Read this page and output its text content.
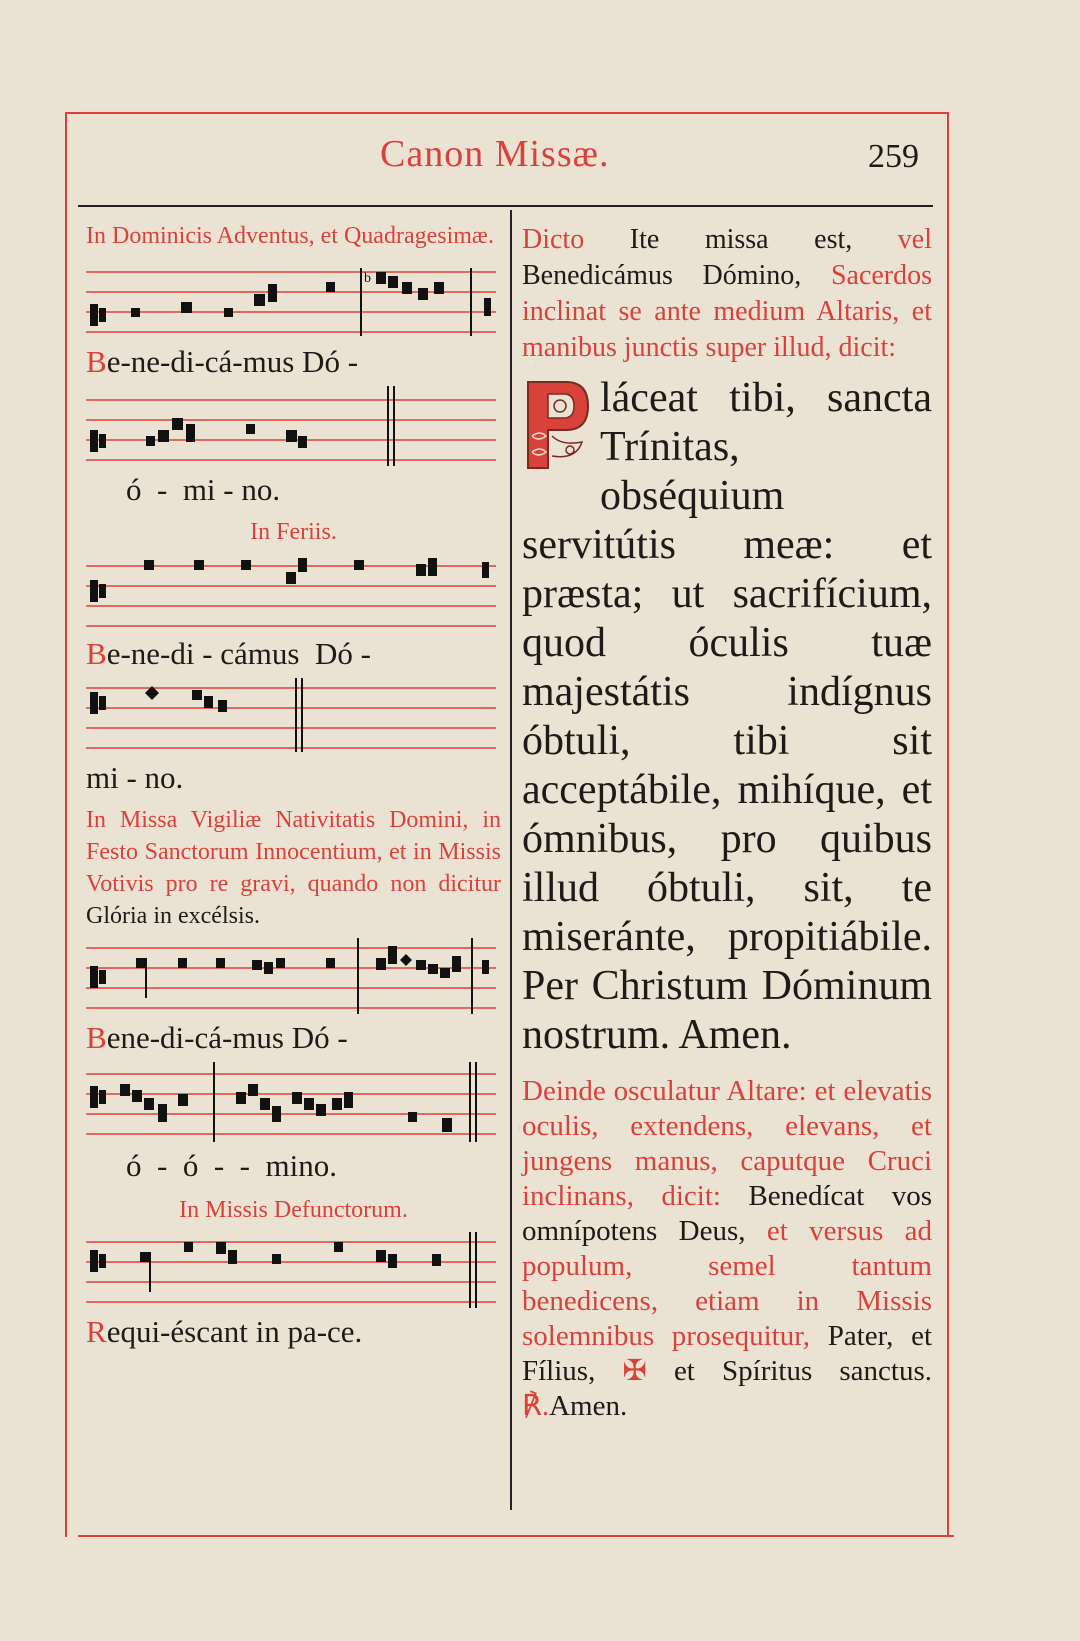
Canon Missæ.	259
In Dominicis Adventus, et Quadragesimæ.
b
Be-ne-di-cá-mus Dó -
ó  -  mi - no.
In Feriis.
Be-ne-di - cámus  Dó -
mi - no.
In Missa Vigiliæ Nativitatis Domini, in Festo Sanctorum Innocentium, et in Missis Votivis pro re gravi, quando non dicitur Glória in excélsis.
Bene-di-cá-mus Dó -
ó  -  ó  -  -  mino.
In Missis Defunctorum.
Requi-éscant in pa-ce.

Dicto Ite missa est, vel Benedicámus Dómino, Sacerdos inclinat se ante medium Altaris, et manibus junctis super illud, dicit:

láceat tibi, sancta Trínitas, obséquium servitútis meæ: et præsta; ut sacrifícium, quod óculis tuæ majestátis indígnus óbtuli, tibi sit acceptábile, mihíque, et ómnibus, pro quibus illud óbtuli, sit, te miseránte, propitiábile. Per Christum Dóminum nostrum. Amen.

Deinde osculatur Altare: et elevatis oculis, extendens, elevans, et jungens manus, caputque Cruci inclinans, dicit: Benedícat vos omnípotens Deus, et versus ad populum, semel tantum benedicens, etiam in Missis solemnibus prosequitur, Pater, et Fílius, ✠ et Spíritus sanctus. ℟.Amen.
